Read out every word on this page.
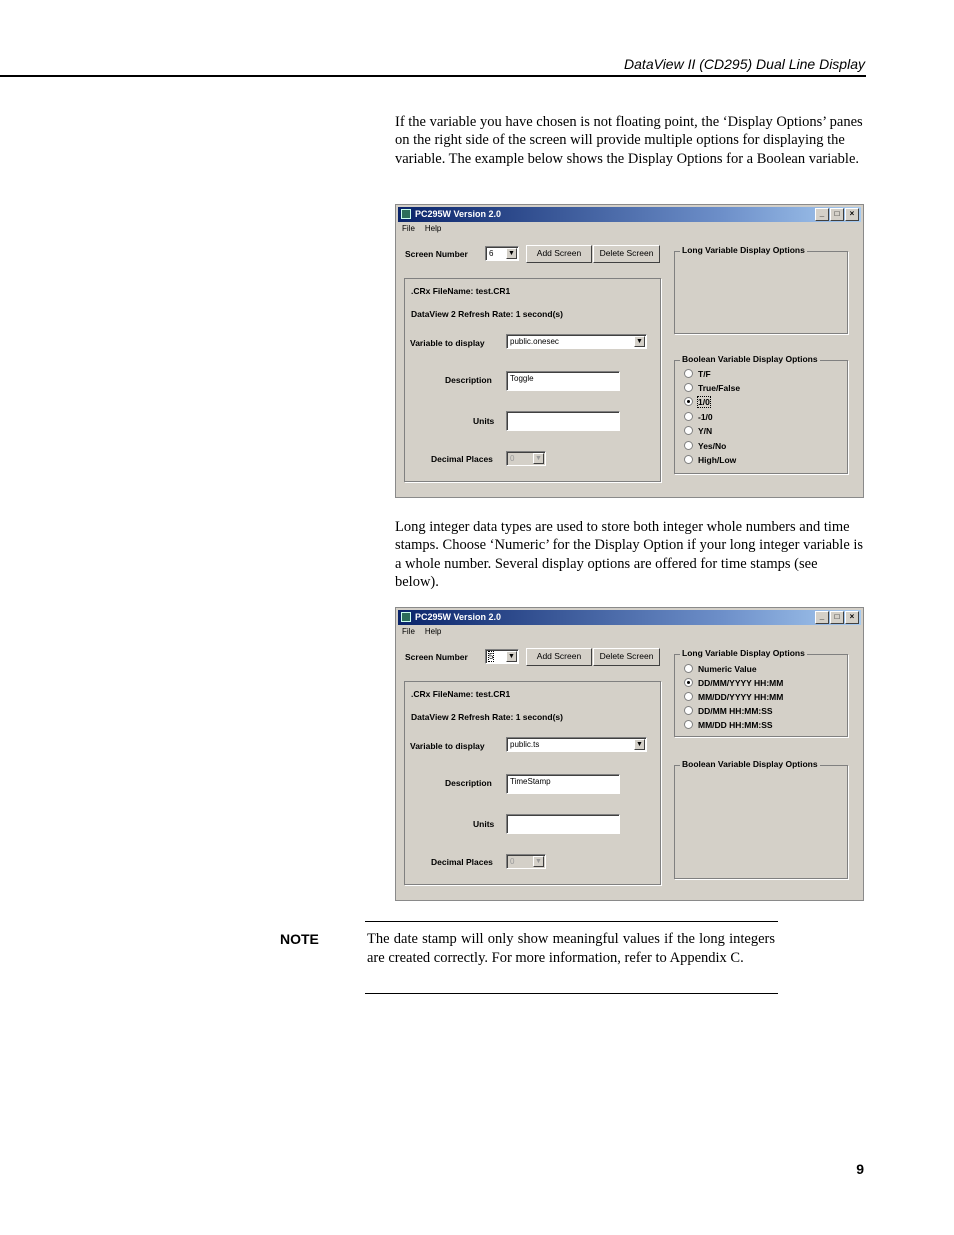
DataView II (CD295) Dual Line Display

If the variable you have chosen is not floating point, the ‘Display Options’ panes on the right side of the screen will provide multiple options for displaying the variable. The example below shows the Display Options for a Boolean variable.

PC295W Version 2.0	_ □ ×
File Help
Screen Number	6 ▼	Add Screen	Delete Screen
.CRx FileName: test.CR1
DataView 2 Refresh Rate: 1 second(s)
Variable to display	public.onesec	▼
Description	Toggle
Units
Decimal Places	0	▼
Long Variable Display Options
Boolean Variable Display Options
T/F
True/False
1/0
-1/0
Y/N
Yes/No
High/Low

Long integer data types are used to store both integer whole numbers and time stamps. Choose ‘Numeric’ for the Display Option if your long integer variable is a whole number. Several display options are offered for time stamps (see below).

PC295W Version 2.0	_ □ ×
File Help
Screen Number	5 ▼	Add Screen	Delete Screen
.CRx FileName: test.CR1
DataView 2 Refresh Rate: 1 second(s)
Variable to display	public.ts	▼
Description	TimeStamp
Units
Decimal Places	0	▼
Long Variable Display Options
Numeric Value
DD/MM/YYYY HH:MM
MM/DD/YYYY HH:MM
DD/MM HH:MM:SS
MM/DD HH:MM:SS
Boolean Variable Display Options
NOTE	The date stamp will only show meaningful values if the long integers are created correctly. For more information, refer to Appendix C.

9
